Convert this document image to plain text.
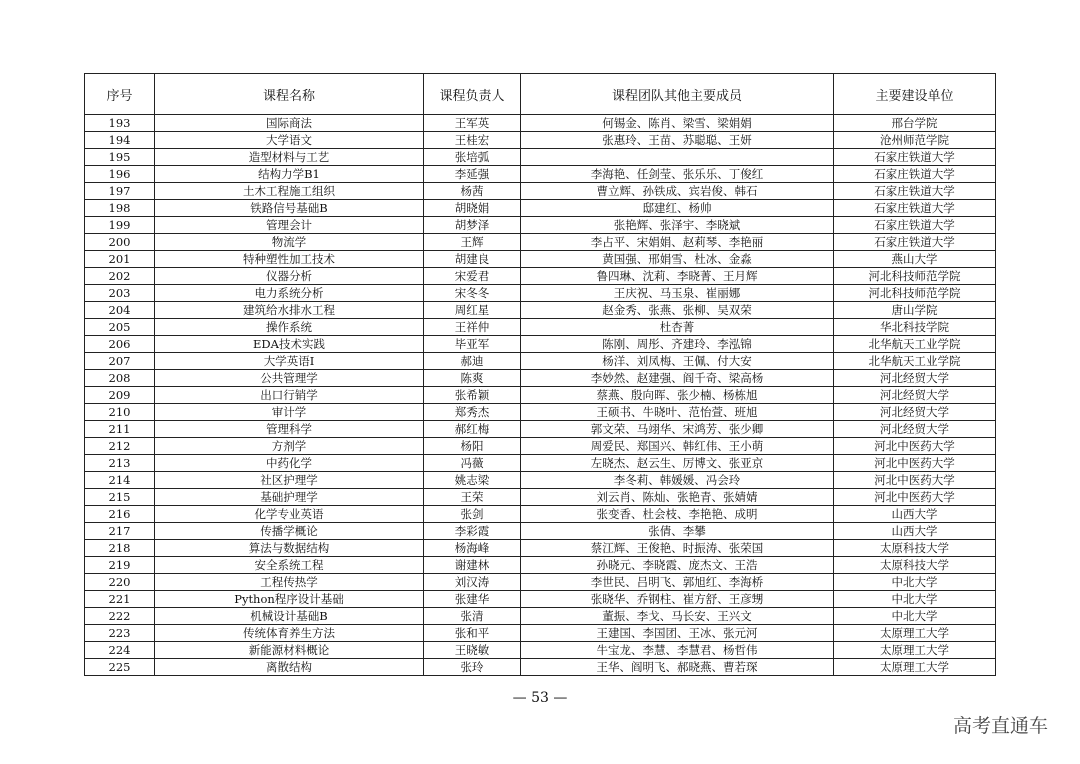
序号	课程名称	课程负责人	课程团队其他主要成员	主要建设单位
193	国际商法	王军英	何锡金、陈肖、梁雪、梁娟娟	邢台学院
194	大学语文	王桂宏	张惠玲、王苗、苏聪聪、王妍	沧州师范学院
195	造型材料与工艺	张培弧		石家庄铁道大学
196	结构力学B1	李延强	李海艳、任剑莹、张乐乐、丁俊红	石家庄铁道大学
197	土木工程施工组织	杨茜	曹立辉、孙铁成、宾岩俊、韩石	石家庄铁道大学
198	铁路信号基础B	胡晓娟	邸建红、杨帅	石家庄铁道大学
199	管理会计	胡梦泽	张艳辉、张泽宇、李晓斌	石家庄铁道大学
200	物流学	王辉	李占平、宋娟娟、赵莉琴、李艳丽	石家庄铁道大学
201	特种塑性加工技术	胡建良	黄国强、邢娟雪、杜冰、金淼	燕山大学
202	仪器分析	宋爱君	鲁四琳、沈莉、李晓菁、王月辉	河北科技师范学院
203	电力系统分析	宋冬冬	王庆祝、马玉泉、崔丽娜	河北科技师范学院
204	建筑给水排水工程	周红星	赵金秀、张燕、张柳、吴双荣	唐山学院
205	操作系统	王祥仲	杜杏菁	华北科技学院
206	EDA技术实践	毕亚军	陈刚、周彤、齐建玲、李泓锦	北华航天工业学院
207	大学英语I	郝迪	杨洋、刘凤梅、王佩、付大安	北华航天工业学院
208	公共管理学	陈爽	李妙然、赵建强、阎千奇、梁高杨	河北经贸大学
209	出口行销学	张希颖	蔡燕、殷向晖、张少楠、杨栋旭	河北经贸大学
210	审计学	郑秀杰	王硕书、牛晓叶、范怡萱、班旭	河北经贸大学
211	管理科学	郝红梅	郭文荣、马翊华、宋鸿芳、张少卿	河北经贸大学
212	方剂学	杨阳	周爱民、郑国兴、韩红伟、王小萌	河北中医药大学
213	中药化学	冯薇	左晓杰、赵云生、厉博文、张亚京	河北中医药大学
214	社区护理学	姚志梁	李冬莉、韩媛媛、冯会玲	河北中医药大学
215	基础护理学	王荣	刘云肖、陈灿、张艳青、张婧婧	河北中医药大学
216	化学专业英语	张剑	张变香、杜会枝、李艳艳、成明	山西大学
217	传播学概论	李彩霞	张倩、李攀	山西大学
218	算法与数据结构	杨海峰	蔡江辉、王俊艳、时振涛、张荣国	太原科技大学
219	安全系统工程	谢建林	孙晓元、李晓霞、庞杰文、王浩	太原科技大学
220	工程传热学	刘汉涛	李世民、吕明飞、郭旭红、李海桥	中北大学
221	Python程序设计基础	张建华	张晓华、乔钢柱、崔方舒、王彦甥	中北大学
222	机械设计基础B	张清	董振、李戈、马长安、王兴文	中北大学
223	传统体育养生方法	张和平	王建国、李国团、王冰、张元河	太原理工大学
224	新能源材料概论	王晓敏	牛宝龙、李慧、李慧君、杨哲伟	太原理工大学
225	离散结构	张玲	王华、阎明飞、郝晓燕、曹若琛	太原理工大学
— 53 —
高考直通车
